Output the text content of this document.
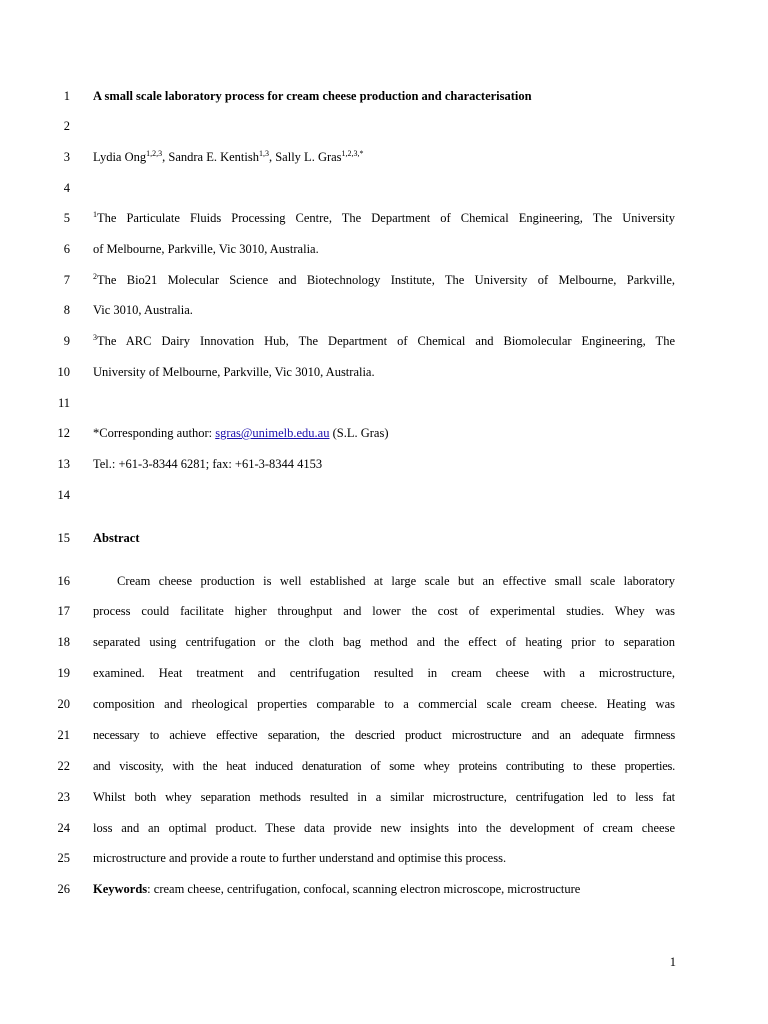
1 A small scale laboratory process for cream cheese production and characterisation
2
3 Lydia Ong$^{1,2,3}$, Sandra E. Kentish$^{1,3}$, Sally L. Gras$^{1,2,3,*}$
4
5	$^1$The Particulate Fluids Processing Centre, The Department of Chemical Engineering, The University
6 of Melbourne, Parkville, Vic 3010, Australia.
7	$^2$The Bio21 Molecular Science and Biotechnology Institute, The University of Melbourne, Parkville,
8 Vic 3010, Australia.
9	$^3$The ARC Dairy Innovation Hub, The Department of Chemical and Biomolecular Engineering, The
10 University of Melbourne, Parkville, Vic 3010, Australia.
11
12 *Corresponding author: sgras@unimelb.edu.au (S.L. Gras)
13 Tel.: +61-3-8344 6281; fax: +61-3-8344 4153
14
15 Abstract
16	Cream cheese production is well established at large scale but an effective small scale laboratory
17 process could facilitate higher throughput and lower the cost of experimental studies. Whey was
18 separated using centrifugation or the cloth bag method and the effect of heating prior to separation
19 examined. Heat treatment and centrifugation resulted in cream cheese with a microstructure,
20 composition and rheological properties comparable to a commercial scale cream cheese. Heating was
21 necessary to achieve effective separation, the descried product microstructure and an adequate firmness
22 and viscosity, with the heat induced denaturation of some whey proteins contributing to these properties.
23 Whilst both whey separation methods resulted in a similar microstructure, centrifugation led to less fat
24 loss and an optimal product. These data provide new insights into the development of cream cheese
25 microstructure and provide a route to further understand and optimise this process.
26 Keywords: cream cheese, centrifugation, confocal, scanning electron microscope, microstructure
1
